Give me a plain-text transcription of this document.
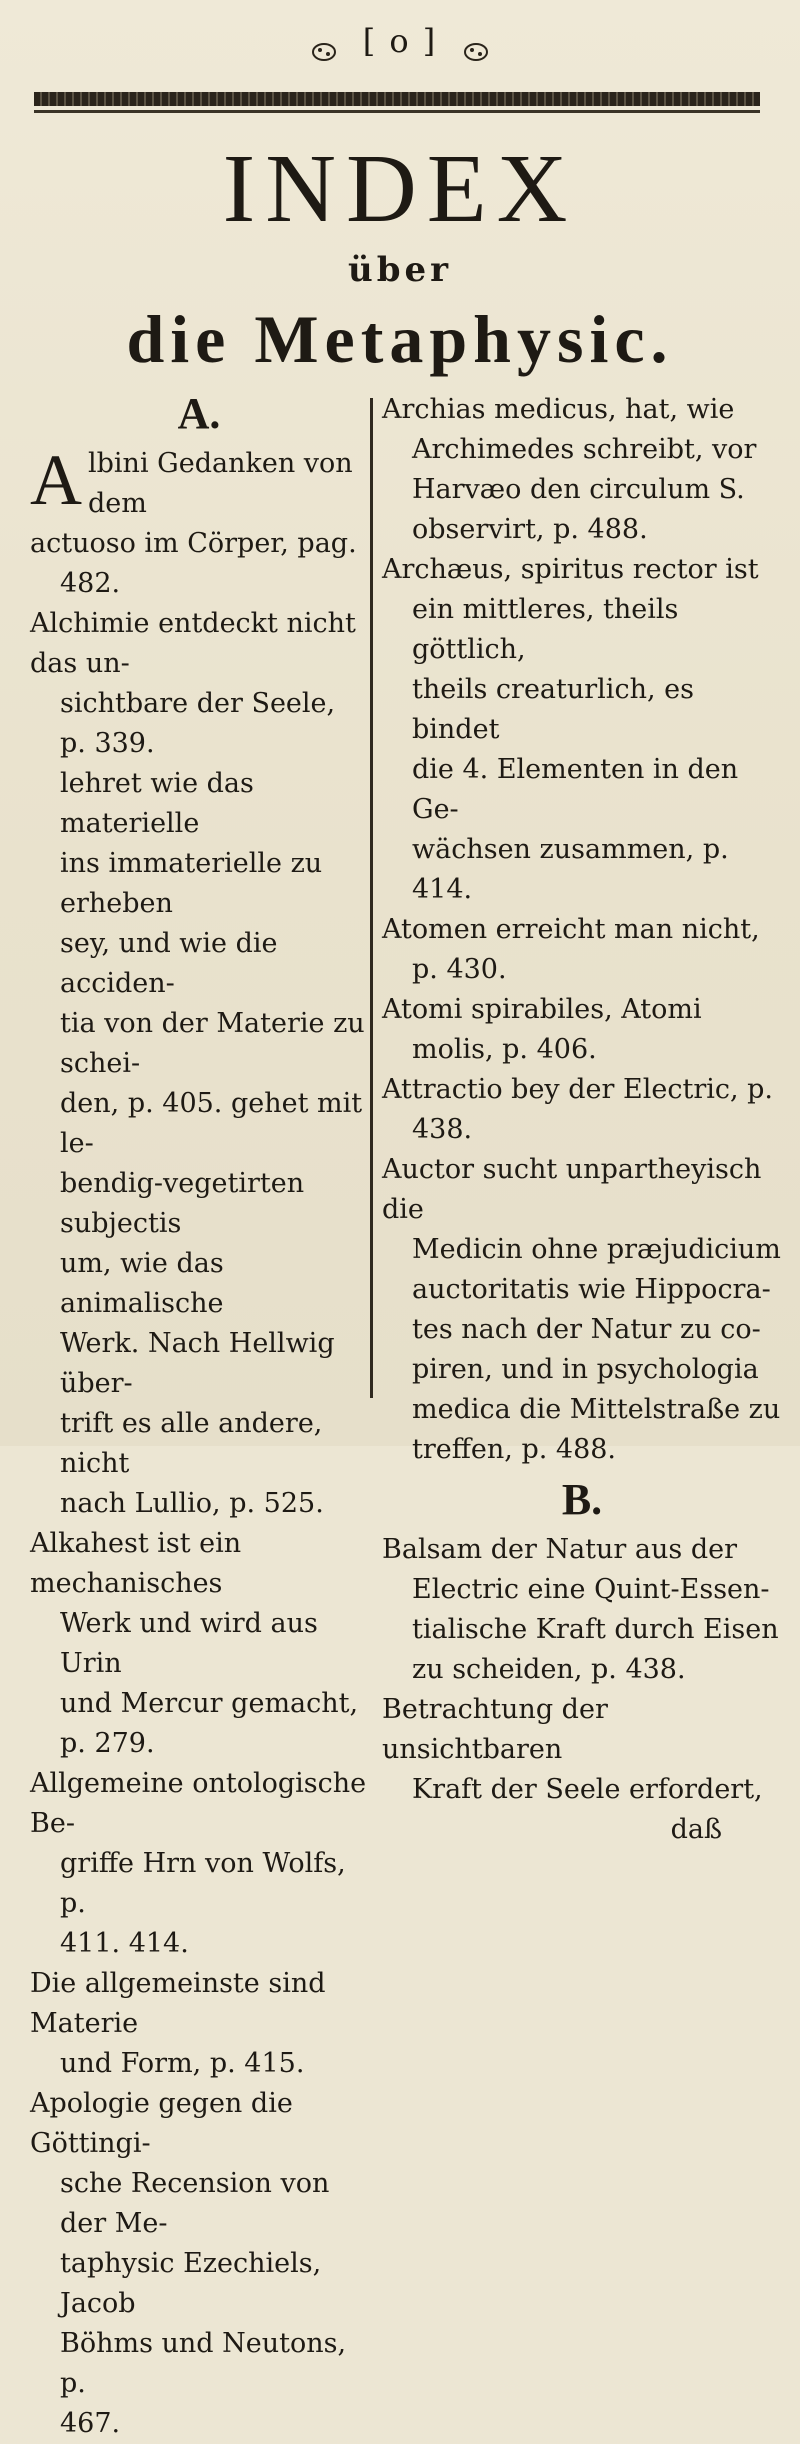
[ o ]
INDEX
über
die Metaphysic.
A.
A lbini Gedanken von dem
actuoso im Cörper, pag.
482.
Alchimie entdeckt nicht das un-
sichtbare der Seele, p. 339.
lehret wie das materielle
ins immaterielle zu erheben
sey, und wie die acciden-
tia von der Materie zu schei-
den, p. 405. gehet mit le-
bendig-vegetirten subjectis
um, wie das animalische
Werk. Nach Hellwig über-
trift es alle andere, nicht
nach Lullio, p. 525.
Alkahest ist ein mechanisches
Werk und wird aus Urin
und Mercur gemacht, p. 279.
Allgemeine ontologische Be-
griffe Hrn von Wolfs, p.
411. 414.
Die allgemeinste sind Materie
und Form, p. 415.
Apologie gegen die Göttingi-
sche Recension von der Me-
taphysic Ezechiels, Jacob
Böhms und Neutons, p.
467.
Archias medicus, hat, wie
Archimedes schreibt, vor
Harvæo den circulum S.
observirt, p. 488.
Archæus, spiritus rector ist
ein mittleres, theils göttlich,
theils creaturlich, es bindet
die 4. Elementen in den Ge-
wächsen zusammen, p. 414.
Atomen erreicht man nicht,
p. 430.
Atomi spirabiles, Atomi
molis, p. 406.
Attractio bey der Electric, p.
438.
Auctor sucht unpartheyisch die
Medicin ohne præjudicium
auctoritatis wie Hippocra-
tes nach der Natur zu co-
piren, und in psychologia
medica die Mittelstraße zu
treffen, p. 488.
B.
Balsam der Natur aus der
Electric eine Quint-Essen-
tialische Kraft durch Eisen
zu scheiden, p. 438.
Betrachtung der unsichtbaren
Kraft der Seele erfordert,
daß
